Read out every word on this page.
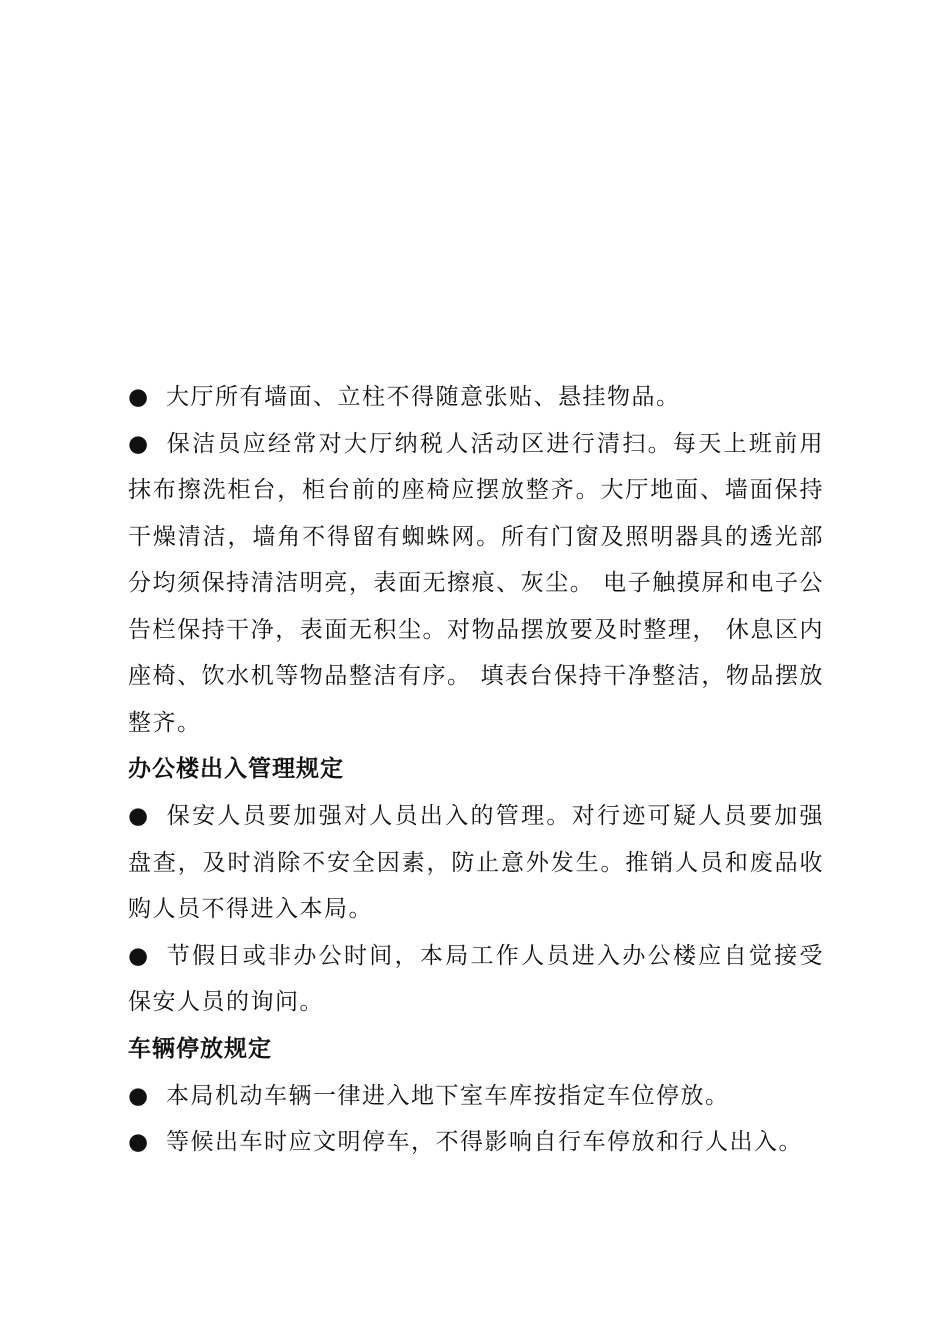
● 大厅所有墙面、立柱不得随意张贴、悬挂物品。

● 保洁员应经常对大厅纳税人活动区进行清扫。每天上班前用抹布擦洗柜台，柜台前的座椅应摆放整齐。大厅地面、墙面保持干燥清洁，墙角不得留有蜘蛛网。所有门窗及照明器具的透光部分均须保持清洁明亮，表面无擦痕、灰尘。 电子触摸屏和电子公告栏保持干净，表面无积尘。对物品摆放要及时整理， 休息区内座椅、饮水机等物品整洁有序。 填表台保持干净整洁，物品摆放整齐。

办公楼出入管理规定

● 保安人员要加强对人员出入的管理。对行迹可疑人员要加强盘查，及时消除不安全因素，防止意外发生。推销人员和废品收购人员不得进入本局。

● 节假日或非办公时间，本局工作人员进入办公楼应自觉接受保安人员的询问。

车辆停放规定

● 本局机动车辆一律进入地下室车库按指定车位停放。

● 等候出车时应文明停车，不得影响自行车停放和行人出入。
